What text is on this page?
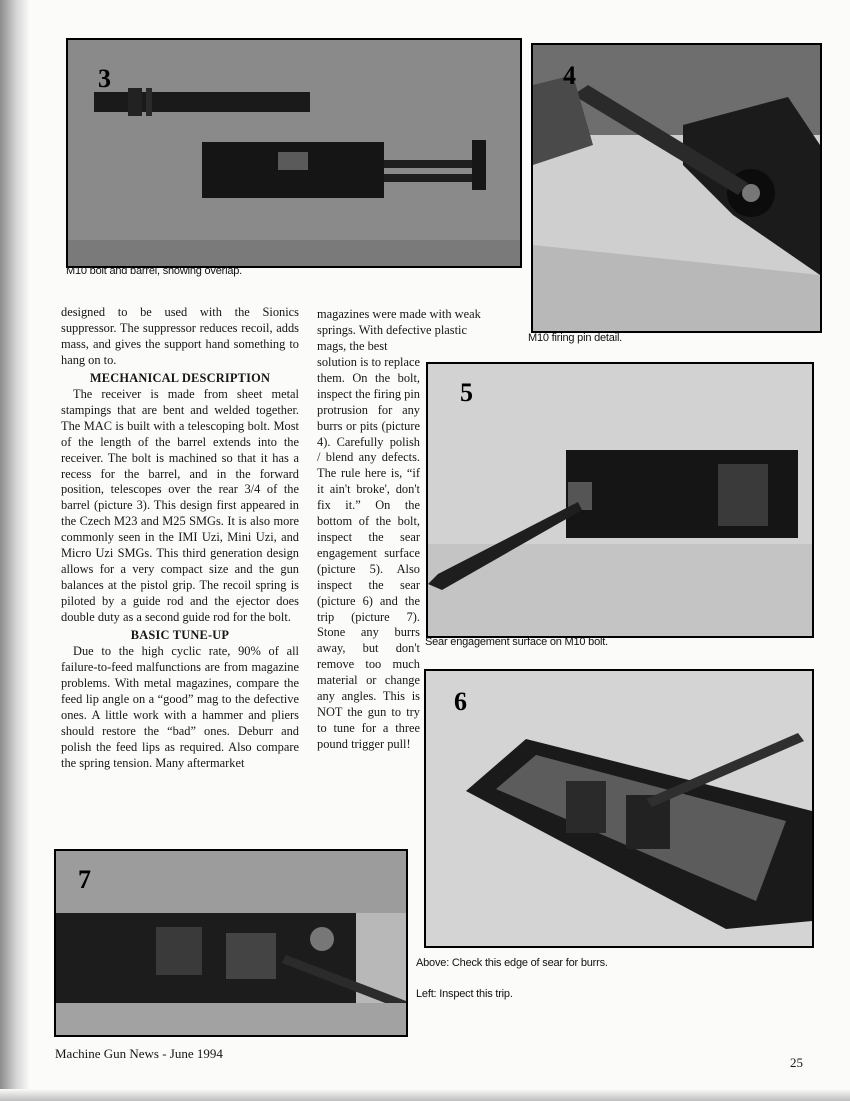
3
M10 bolt and barrel, showing overlap.
4
M10 firing pin detail.
5
Sear engagement surface on M10 bolt.
6
Above: Check this edge of sear for burrs.
Left: Inspect this trip.
7

designed to be used with the Sionics suppressor. The suppressor reduces recoil, adds mass, and gives the support hand something to hang on to.

MECHANICAL DESCRIPTION

The receiver is made from sheet metal stampings that are bent and welded together. The MAC is built with a telescoping bolt. Most of the length of the barrel extends into the receiver. The bolt is machined so that it has a recess for the barrel, and in the forward position, telescopes over the rear 3/4 of the barrel (picture 3). This design first appeared in the Czech M23 and M25 SMGs. It is also more commonly seen in the IMI Uzi, Mini Uzi, and Micro Uzi SMGs. This third generation design allows for a very compact size and the gun balances at the pistol grip. The recoil spring is piloted by a guide rod and the ejector does double duty as a second guide rod for the bolt.

BASIC TUNE-UP

Due to the high cyclic rate, 90% of all failure-to-feed malfunctions are from magazine problems. With metal magazines, compare the feed lip angle on a “good” mag to the defective ones. A little work with a hammer and pliers should restore the “bad” ones. Deburr and polish the feed lips as required. Also compare the spring tension. Many aftermarket

magazines were made with weak
springs. With defective plastic
mags, the best

solution is to replace them. On the bolt, inspect the firing pin protrusion for any burrs or pits (picture 4). Carefully polish / blend any defects. The rule here is, “if it ain't broke', don't fix it.” On the bottom of the bolt, inspect the sear engagement surface (picture 5). Also inspect the sear (picture 6) and the trip (picture 7). Stone any burrs away, but don't remove too much material or change any angles. This is NOT the gun to try to tune for a three pound trigger pull!

Machine Gun News - June 1994
25
